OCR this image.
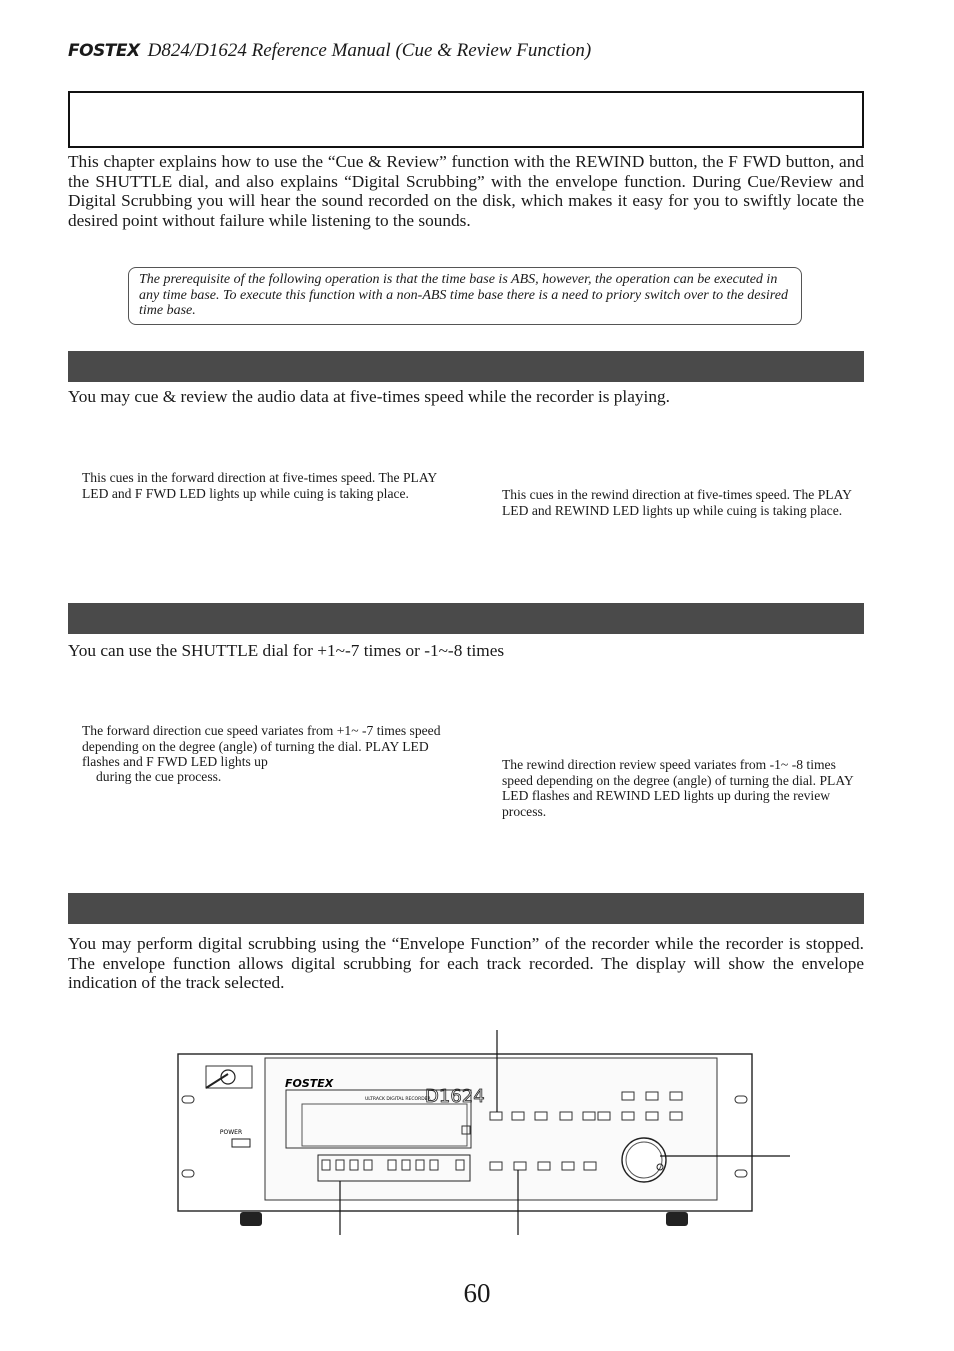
FOSTEX D824/D1624 Reference Manual (Cue & Review Function)
This chapter explains how to use the “Cue & Review” function with the REWIND button, the F FWD button, and the SHUTTLE dial, and also explains “Digital Scrubbing” with the envelope function. During Cue/Review and Digital Scrubbing you will hear the sound recorded on the disk, which makes it easy for you to swiftly locate the desired point without failure while listening to the sounds.
The prerequisite of the following operation is that the time base is ABS, however, the operation can be executed in any time base. To execute this function with a non-ABS time base there is a need to priory switch over to the desired time base.
You may cue & review the audio data at five-times speed while the recorder is playing.
This cues in the forward direction at five-times speed. The PLAY LED and F FWD LED lights up while cuing is taking place.	This cues in the rewind direction at five-times speed. The PLAY LED and REWIND LED lights up while cuing is taking place.
You can use the SHUTTLE dial for +1~-7 times or -1~-8 times
The forward direction cue speed variates from +1~ -7 times speed depending on the degree (angle) of turning the dial. PLAY LED flashes and F FWD LED lights up
during the cue process.
The rewind direction review speed variates from -1~ -8 times speed depending on the degree (angle) of turning the dial. PLAY LED flashes and REWIND LED lights up during the review process.
You may perform digital scrubbing using the “Envelope Function” of the recorder while the recorder is stopped. The envelope function allows digital scrubbing for each track recorded. The display will show the envelope indication of the track selected.
POWER
FOSTEX
ULTRACK DIGITAL RECORDER
D1624
60
